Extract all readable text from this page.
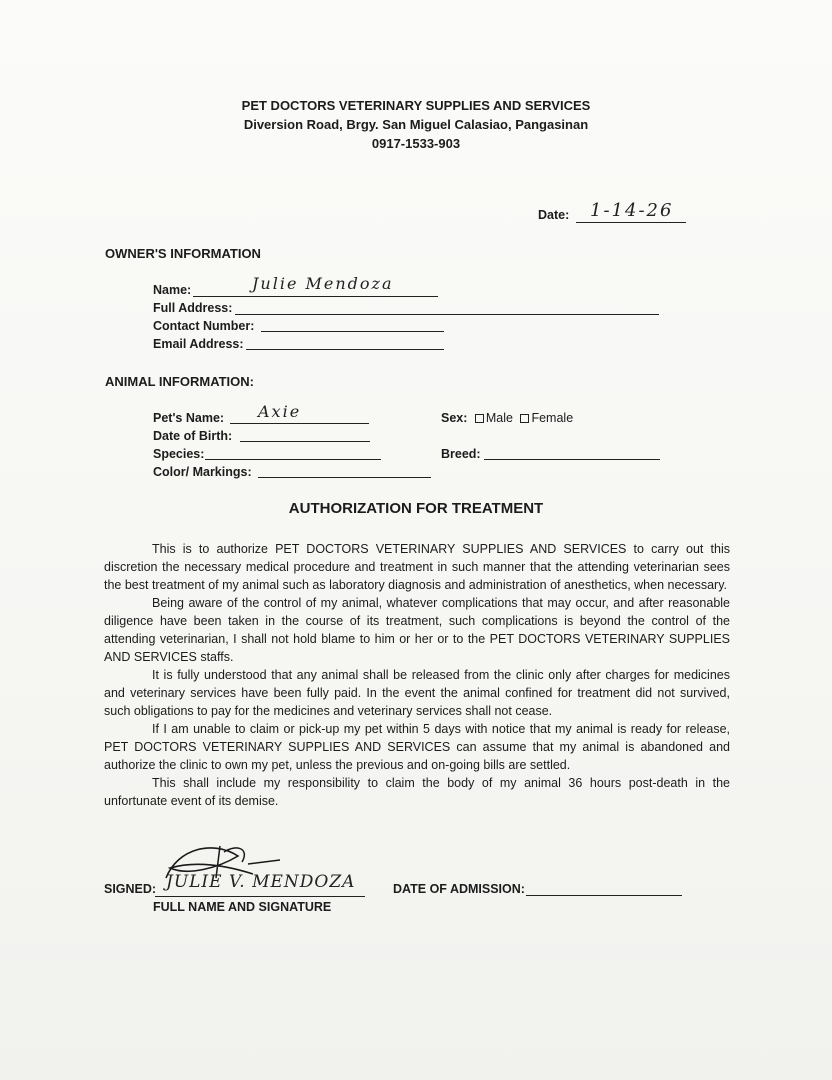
PET DOCTORS VETERINARY SUPPLIES AND SERVICES
Diversion Road, Brgy. San Miguel Calasiao, Pangasinan
0917-1533-903
Date: 1-14-26
OWNER'S INFORMATION
Name:	Julie Mendoza
Full Address:
Contact Number:
Email Address:
ANIMAL INFORMATION:
Pet's Name: Axie
Date of Birth:
Species:
Color/ Markings:
Sex: Male Female
Breed:
AUTHORIZATION FOR TREATMENT

This is to authorize PET DOCTORS VETERINARY SUPPLIES AND SERVICES to carry out this discretion the necessary medical procedure and treatment in such manner that the attending veterinarian sees the best treatment of my animal such as laboratory diagnosis and administration of anesthetics, when necessary.

Being aware of the control of my animal, whatever complications that may occur, and after reasonable diligence have been taken in the course of its treatment, such complications is beyond the control of the attending veterinarian, I shall not hold blame to him or her or to the PET DOCTORS VETERINARY SUPPLIES AND SERVICES staffs.

It is fully understood that any animal shall be released from the clinic only after charges for medicines and veterinary services have been fully paid. In the event the animal confined for treatment did not survived, such obligations to pay for the medicines and veterinary services shall not cease.

If I am unable to claim or pick-up my pet within 5 days with notice that my animal is ready for release, PET DOCTORS VETERINARY SUPPLIES AND SERVICES can assume that my animal is abandoned and authorize the clinic to own my pet, unless the previous and on-going bills are settled.

This shall include my responsibility to claim the body of my animal 36 hours post-death in the unfortunate event of its demise.

SIGNED: JULIE V. MENDOZA
FULL NAME AND SIGNATURE
DATE OF ADMISSION:
